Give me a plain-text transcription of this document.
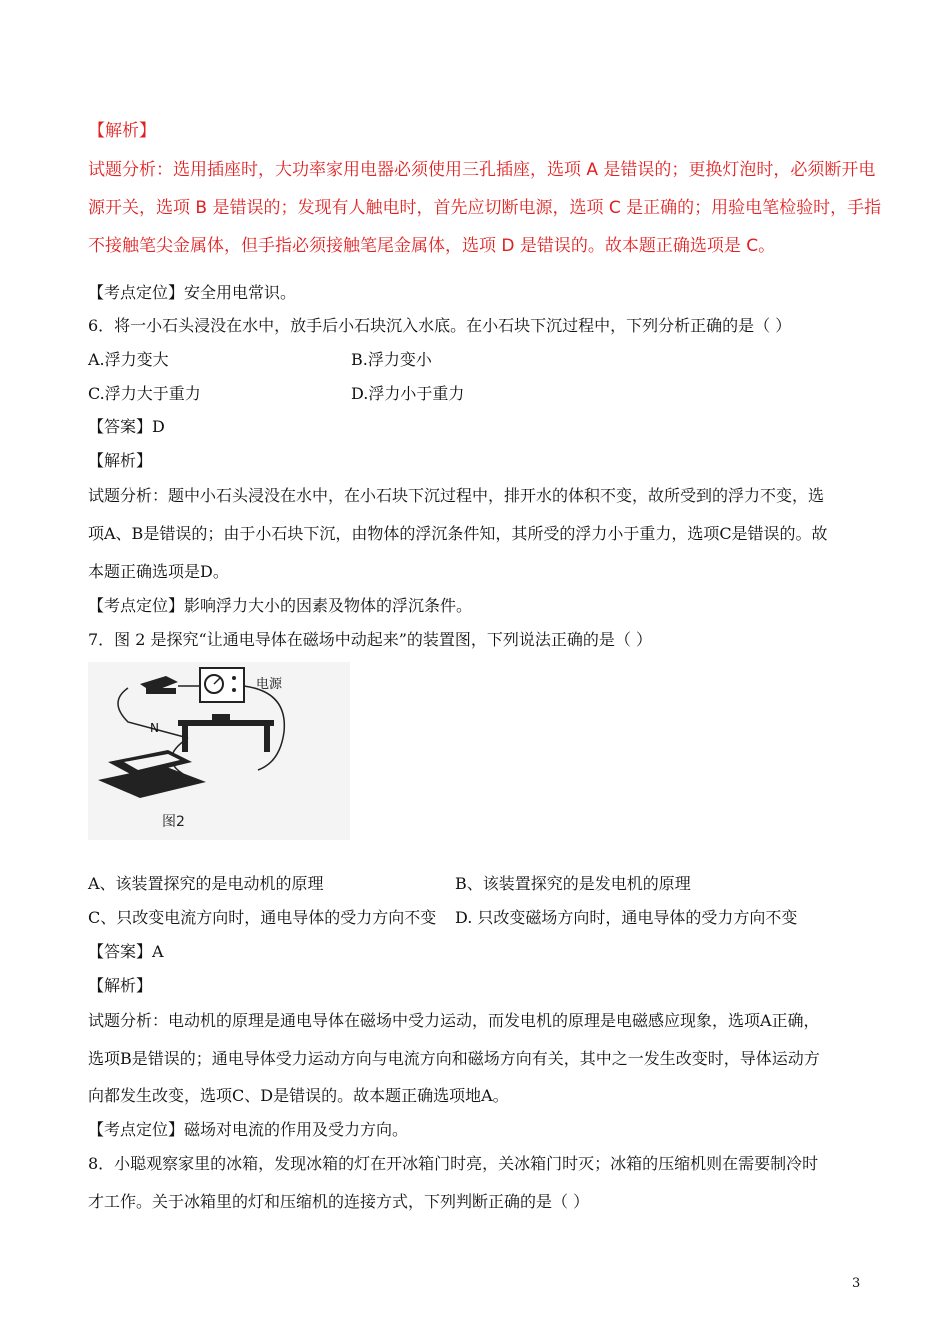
【解析】
试题分析：选用插座时，大功率家用电器必须使用三孔插座，选项 A 是错误的；更换灯泡时，必须断开电
源开关，选项 B 是错误的；发现有人触电时，首先应切断电源，选项 C 是正确的；用验电笔检验时，手指
不接触笔尖金属体，但手指必须接触笔尾金属体，选项 D 是错误的。故本题正确选项是 C。
【考点定位】安全用电常识。
6．将一小石头浸没在水中，放手后小石块沉入水底。在小石块下沉过程中，下列分析正确的是（ ）
A.浮力变大	B.浮力变小
C.浮力大于重力	D.浮力小于重力
【答案】D
【解析】
试题分析：题中小石头浸没在水中，在小石块下沉过程中，排开水的体积不变，故所受到的浮力不变，选
项A、B是错误的；由于小石块下沉，由物体的浮沉条件知，其所受的浮力小于重力，选项C是错误的。故
本题正确选项是D。
【考点定位】影响浮力大小的因素及物体的浮沉条件。
7．图 2 是探究“让通电导体在磁场中动起来”的装置图，下列说法正确的是（ ）
电源
N
图2
A、该装置探究的是电动机的原理	B、该装置探究的是发电机的原理
C、只改变电流方向时，通电导体的受力方向不变 D. 只改变磁场方向时，通电导体的受力方向不变
【答案】A
【解析】
试题分析：电动机的原理是通电导体在磁场中受力运动，而发电机的原理是电磁感应现象，选项A正确，
选项B是错误的；通电导体受力运动方向与电流方向和磁场方向有关，其中之一发生改变时，导体运动方
向都发生改变，选项C、D是错误的。故本题正确选项地A。
【考点定位】磁场对电流的作用及受力方向。
8．小聪观察家里的冰箱，发现冰箱的灯在开冰箱门时亮，关冰箱门时灭；冰箱的压缩机则在需要制冷时
才工作。关于冰箱里的灯和压缩机的连接方式，下列判断正确的是（ ）
3
